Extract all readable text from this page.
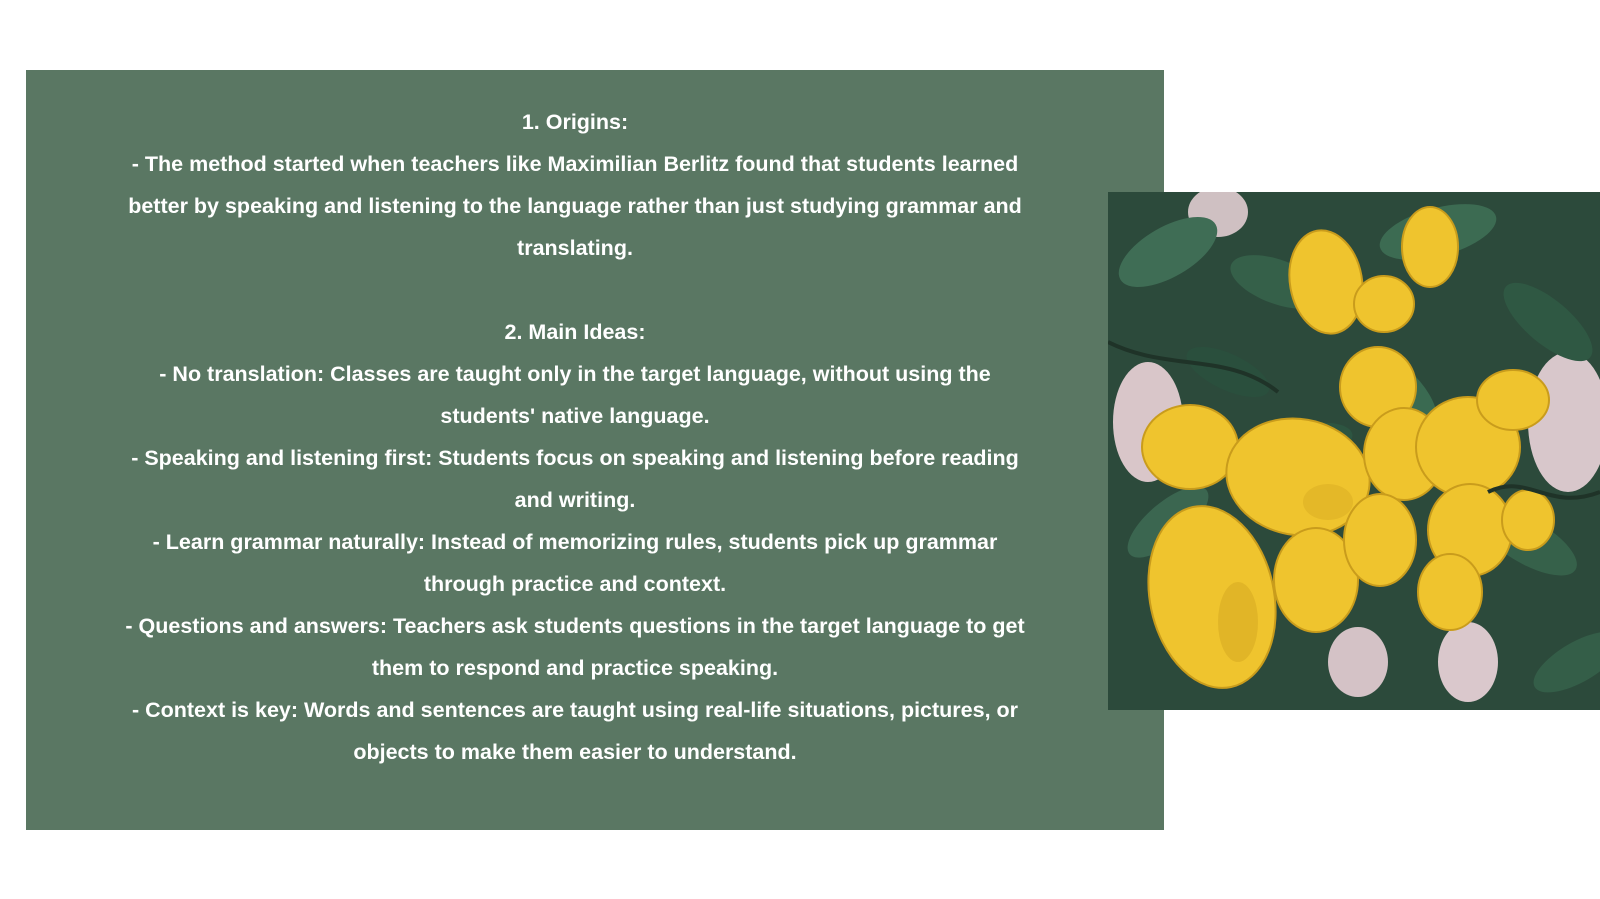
1. Origins:

- The method started when teachers like Maximilian Berlitz found that students learned better by speaking and listening to the language rather than just studying grammar and translating.

2. Main Ideas:

- No translation: Classes are taught only in the target language, without using the students' native language.

- Speaking and listening first: Students focus on speaking and listening before reading and writing.

- Learn grammar naturally: Instead of memorizing rules, students pick up grammar through practice and context.

- Questions and answers: Teachers ask students questions in the target language to get them to respond and practice speaking.

- Context is key: Words and sentences are taught using real-life situations, pictures, or objects to make them easier to understand.
